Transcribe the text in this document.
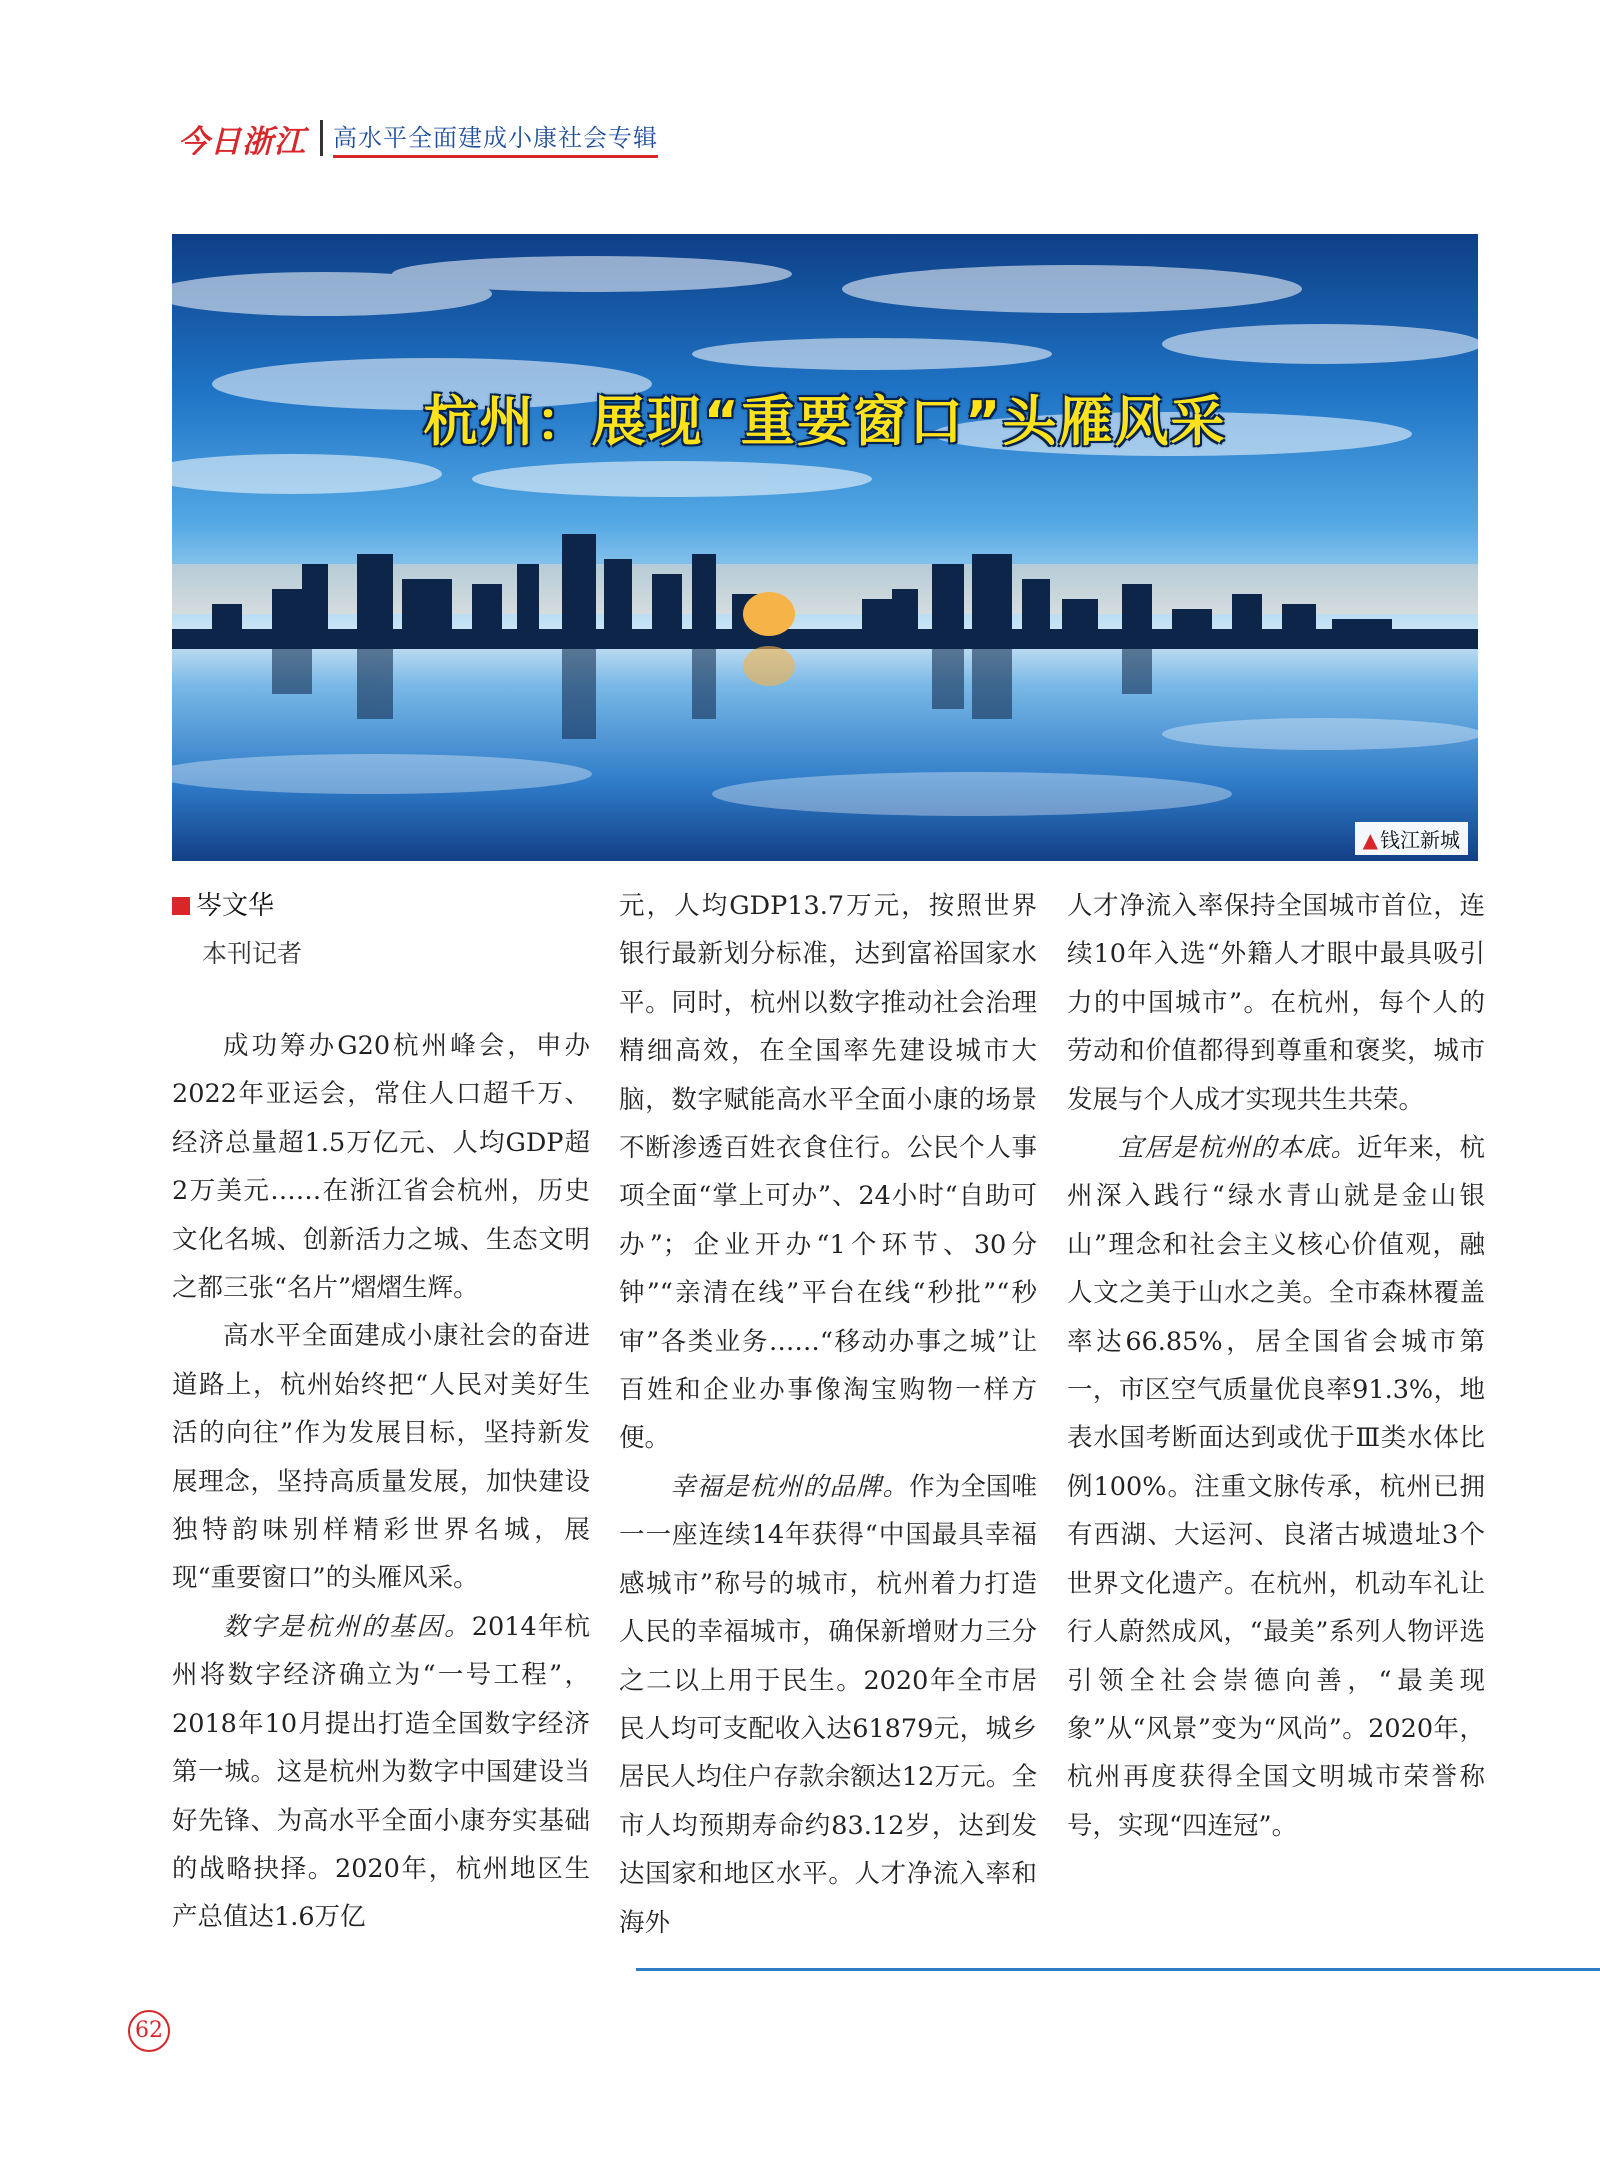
今日浙江 高水平全面建成小康社会专辑
杭州：展现“重要窗口”头雁风采
▲ 钱江新城
岑文华
本刊记者

成功筹办G20杭州峰会，申办2022年亚运会，常住人口超千万、经济总量超1.5万亿元、人均GDP超2万美元……在浙江省会杭州，历史文化名城、创新活力之城、生态文明之都三张“名片”熠熠生辉。

高水平全面建成小康社会的奋进道路上，杭州始终把“人民对美好生活的向往”作为发展目标，坚持新发展理念，坚持高质量发展，加快建设独特韵味别样精彩世界名城，展现“重要窗口”的头雁风采。

数字是杭州的基因。2014年杭州将数字经济确立为“一号工程”，2018年10月提出打造全国数字经济第一城。这是杭州为数字中国建设当好先锋、为高水平全面小康夯实基础的战略抉择。2020年，杭州地区生产总值达1.6万亿

元，人均GDP13.7万元，按照世界银行最新划分标准，达到富裕国家水平。同时，杭州以数字推动社会治理精细高效，在全国率先建设城市大脑，数字赋能高水平全面小康的场景不断渗透百姓衣食住行。公民个人事项全面“掌上可办”、24小时“自助可办”；企业开办“1个环节、30分钟”“亲清在线”平台在线“秒批”“秒审”各类业务……“移动办事之城”让百姓和企业办事像淘宝购物一样方便。

幸福是杭州的品牌。作为全国唯一一座连续14年获得“中国最具幸福感城市”称号的城市，杭州着力打造人民的幸福城市，确保新增财力三分之二以上用于民生。2020年全市居民人均可支配收入达61879元，城乡居民人均住户存款余额达12万元。全市人均预期寿命约83.12岁，达到发达国家和地区水平。人才净流入率和海外

人才净流入率保持全国城市首位，连续10年入选“外籍人才眼中最具吸引力的中国城市”。在杭州，每个人的劳动和价值都得到尊重和褒奖，城市发展与个人成才实现共生共荣。

宜居是杭州的本底。近年来，杭州深入践行“绿水青山就是金山银山”理念和社会主义核心价值观，融人文之美于山水之美。全市森林覆盖率达66.85%，居全国省会城市第一，市区空气质量优良率91.3%，地表水国考断面达到或优于Ⅲ类水体比例100%。注重文脉传承，杭州已拥有西湖、大运河、良渚古城遗址3个世界文化遗产。在杭州，机动车礼让行人蔚然成风，“最美”系列人物评选引领全社会崇德向善，“最美现象”从“风景”变为“风尚”。2020年，杭州再度获得全国文明城市荣誉称号，实现“四连冠”。

62
